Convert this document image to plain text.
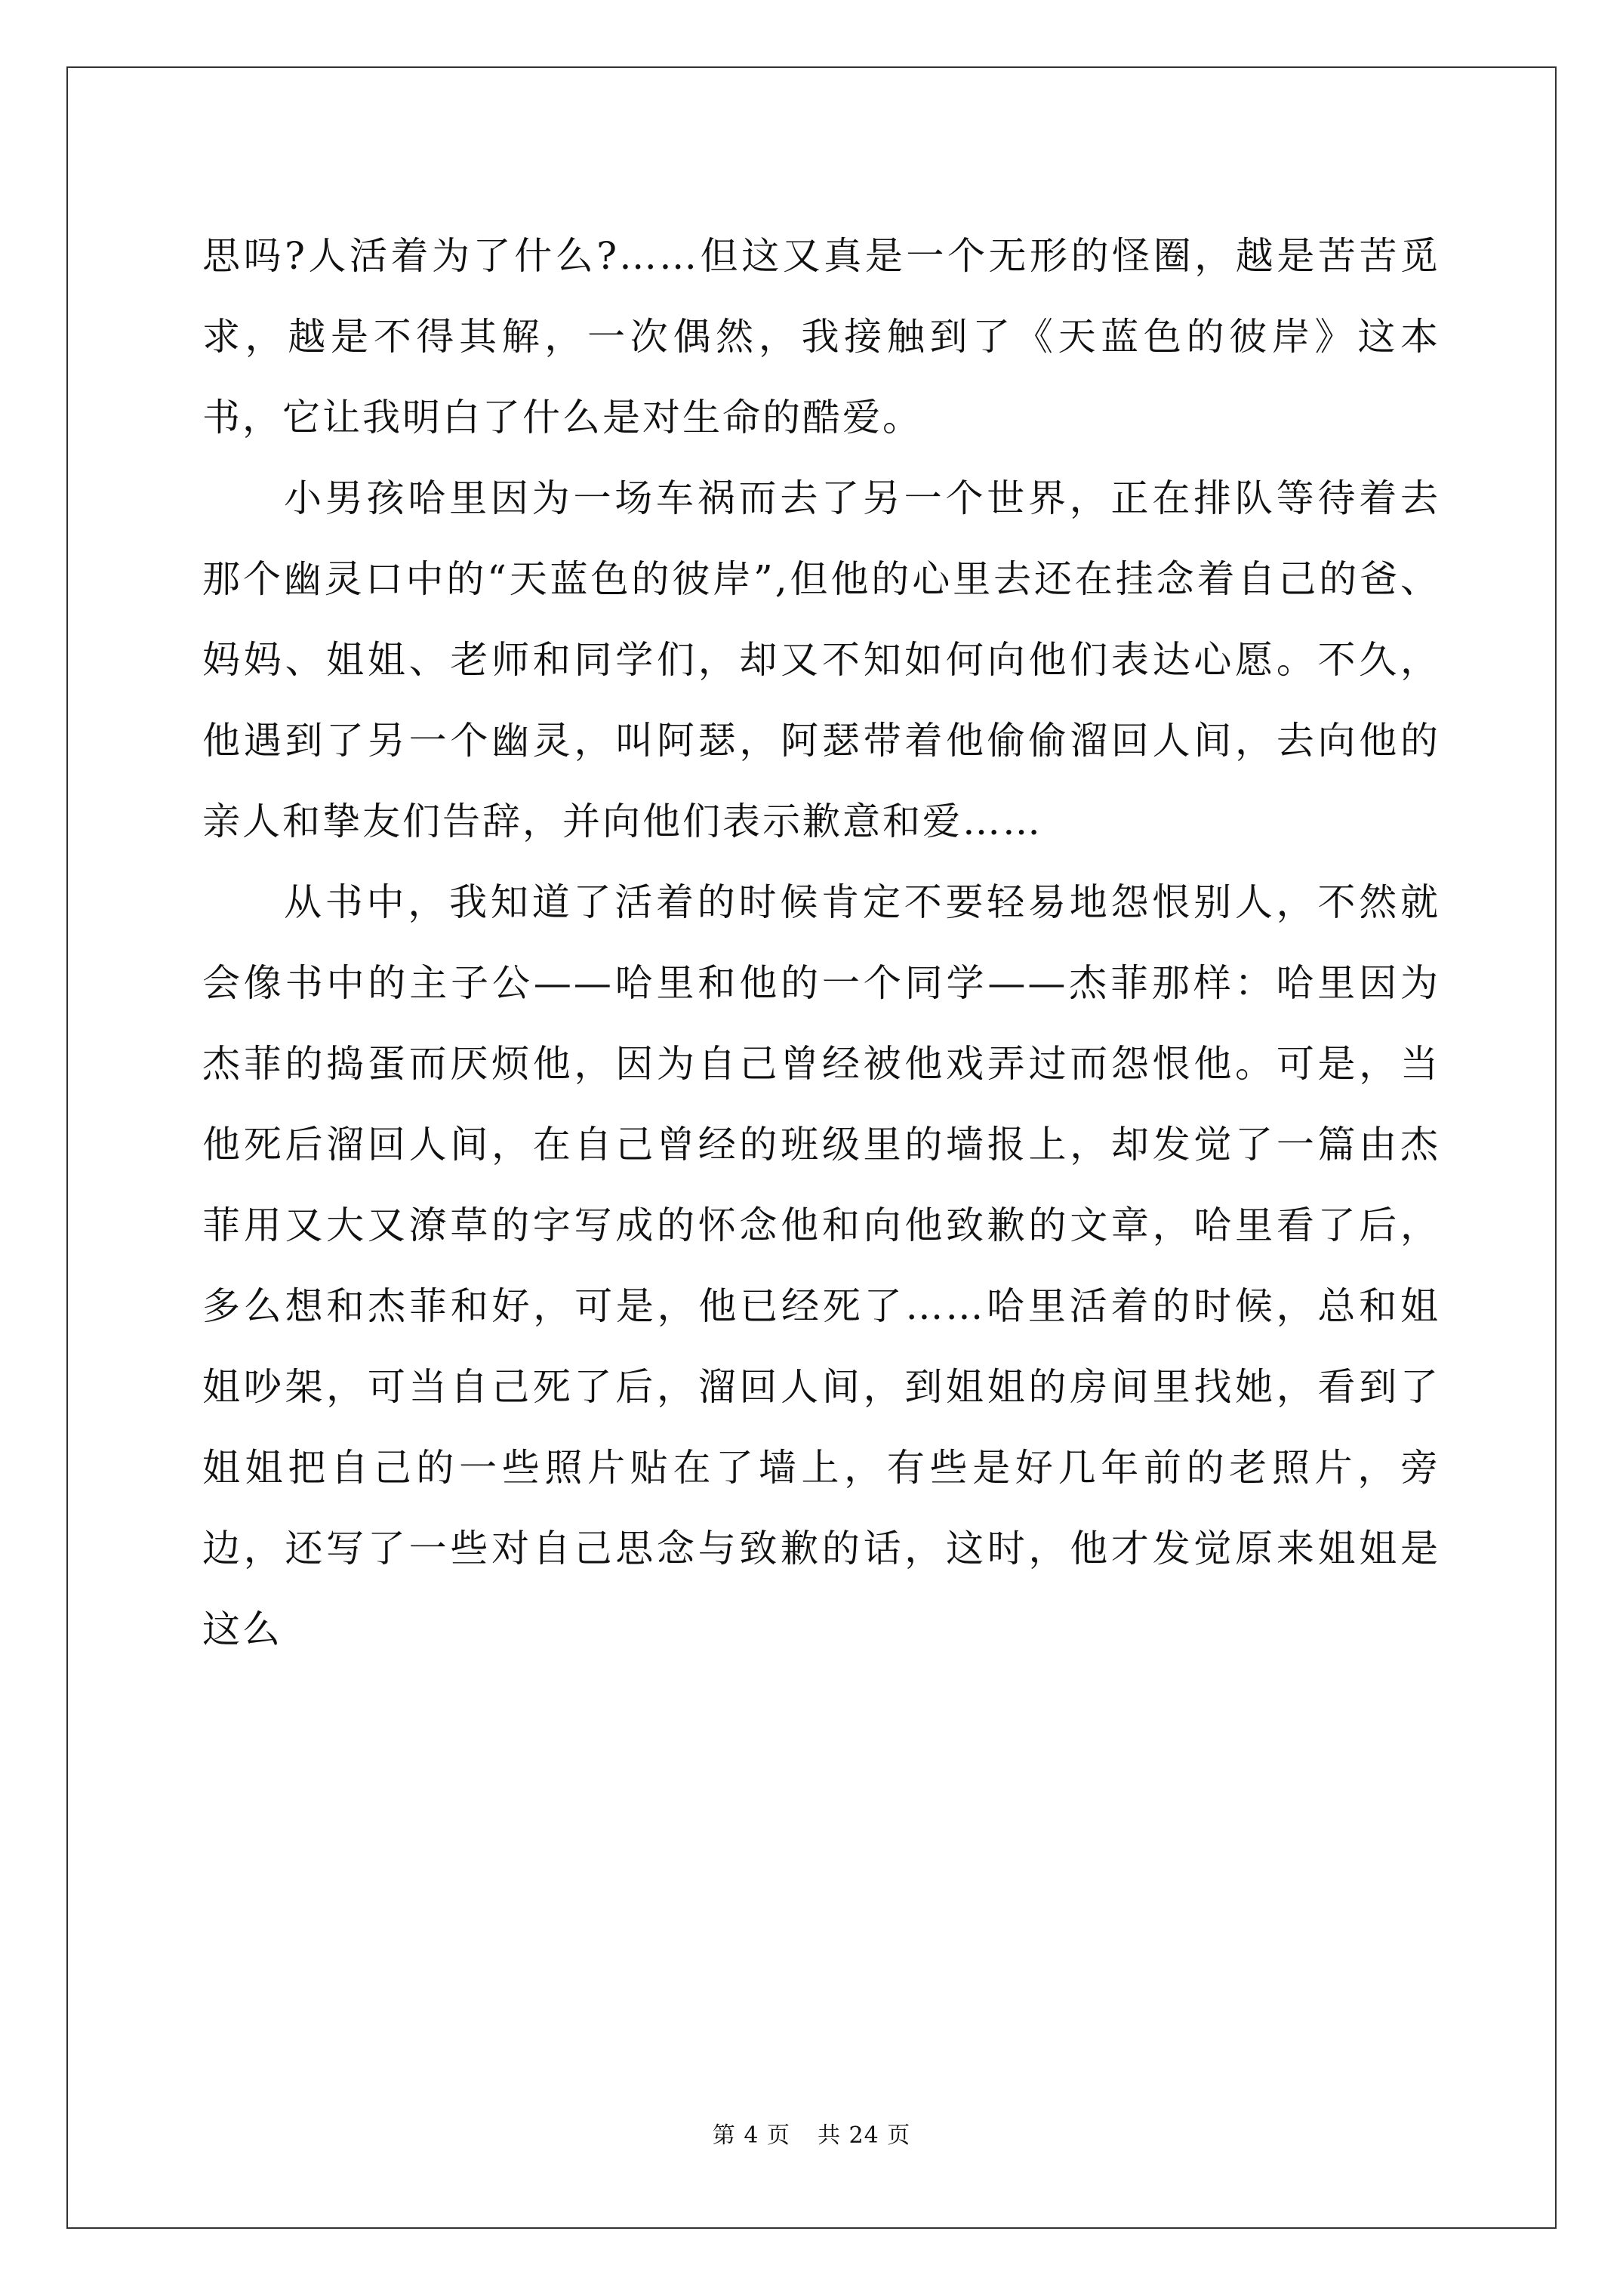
思吗?人活着为了什么?……但这又真是一个无形的怪圈，越是苦苦觅求，越是不得其解，一次偶然，我接触到了《天蓝色的彼岸》这本书，它让我明白了什么是对生命的酷爱。

小男孩哈里因为一场车祸而去了另一个世界，正在排队等待着去那个幽灵口中的“天蓝色的彼岸”,但他的心里去还在挂念着自己的爸、妈妈、姐姐、老师和同学们，却又不知如何向他们表达心愿。不久，他遇到了另一个幽灵，叫阿瑟，阿瑟带着他偷偷溜回人间，去向他的亲人和挚友们告辞，并向他们表示歉意和爱……

从书中，我知道了活着的时候肯定不要轻易地怨恨别人，不然就会像书中的主子公——哈里和他的一个同学——杰菲那样：哈里因为杰菲的捣蛋而厌烦他，因为自己曾经被他戏弄过而怨恨他。可是，当他死后溜回人间，在自己曾经的班级里的墙报上，却发觉了一篇由杰菲用又大又潦草的字写成的怀念他和向他致歉的文章，哈里看了后，多么想和杰菲和好，可是，他已经死了……哈里活着的时候，总和姐姐吵架，可当自己死了后，溜回人间，到姐姐的房间里找她，看到了姐姐把自己的一些照片贴在了墙上，有些是好几年前的老照片，旁边，还写了一些对自己思念与致歉的话，这时，他才发觉原来姐姐是这么

第 4 页 共 24 页
